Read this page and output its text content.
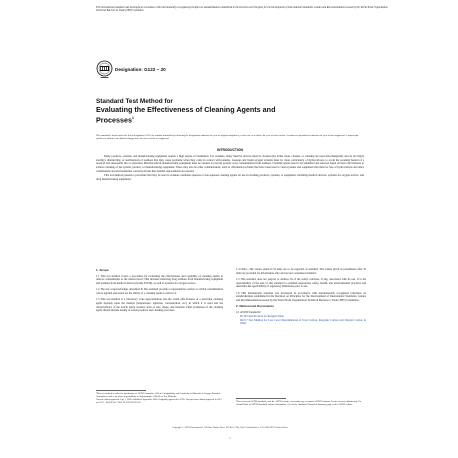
This international standard was developed in accordance with internationally recognized principles on standardization established in the Decision on Principles for the Development of International Standards, Guides and Recommendations issued by the World Trade Organization Technical Barriers to Trade (TBT) Committee.
Designation: G122 − 20
Standard Test Method for
Evaluating the Effectiveness of Cleaning Agents and
Processes$^1$
This standard is issued under the fixed designation G122; the number immediately following the designation indicates the year of original adoption or, in the case of revision, the year of last revision. A number in parentheses indicates the year of last reapproval. A superscript epsilon (ε) indicates an editorial change since the last revision or reapproval.
INTRODUCTION

Many products, systems, and manufacturing equipment require a high degree of cleanliness. For example, many medical devices must be cleaned (the terms clean, cleaned, or cleaning are used interchangeably and do not imply sterility), disinfecting, or sterilization) of residues that may cause problems when they come in contact with patients. Gaseous and liquid oxygen systems must be clean, particularly of hydrocarbons, to avoid the potential hazard of a reaction and subsequent fire or explosion. Pharmaceutical manufacturing equipment must be cleaned to prevent product cross contamination from residues. Cleaning agents need to be identified and selected based on their effectiveness to achieve cleaning of the system, product, or manufacturing equipment. There may also be other considerations, such as chlorinated solvents that have been used to clean systems and equipment that must be free of hydrocarbons and since commissions and environmental concerns dictate that suitable replacements are needed.

This test method presents a procedure that may be used to evaluate candidate aqueous or non-aqueous cleaning agents for use in cleaning products, systems, or equipment, including medical devices, systems for oxygen service, and drug manufacturing equipment.

1. Scope

1.1 This test method covers a procedure for evaluating the effectiveness and capability of cleaning agents to remove contaminants to the desired level. This includes removing drug residues from manufacturing equipment and residues from medical devices (Guide E3106), as well as systems for oxygen service.

1.2 The test coupons/badges described in this standard provide a representative surface to which contamination can be applied and tested for the ability of a cleaning agent to remove it.

1.3 This test method is a laboratory scale approximation and the actual effectiveness of a particular cleaning agent depends upon the method (temperature, agitation, concentration, etc.) in which it is used and the characteristics of the article being cleaned, such as size, shape, and material. Final evaluation of the cleaning agent should include testing of actual products and cleaning processes.

¹This test method is under the jurisdiction of ASTM Committee G04 on Compatibility and Sensitivity of Materials in Oxygen Enriched Atmospheres and is the direct responsibility of Subcommittee G04.02 on Test Methods.
Current edition approved Aug. 1, 2020. Published September 2020. Originally approved in 1993. Last previous edition approved in 2015 as G122 – 96(2015)ε1. DOI: 10.1520/G0122-20.

1.4 Units—The values stated in SI units are to be regarded as standard. The values given in parentheses after SI units are provided for information only and are not considered standard.

1.5 This standard does not purport to address all of the safety concerns, if any, associated with its use. It is the responsibility of the user of this standard to establish appropriate safety, health, and environmental practices and determine the applicability of regulatory limitations prior to use.

1.6 This international standard was developed in accordance with internationally recognized principles on standardization established in the Decision on Principles for the Development of International Standards, Guides and Recommendations issued by the World Trade Organization Technical Barriers to Trade (TBT) Committee.

2. Referenced Documents
2.1 ASTM Standards:²
D1193 Specification for Reagent Water
D4717 Test Method for Low Level Determination of Total Carbon, Inorganic Carbon and Organic Carbon in Water
²For referenced ASTM standards, visit the ASTM website, www.astm.org, or contact ASTM Customer Service at service@astm.org. For Annual Book of ASTM Standards volume information, refer to the standard's Document Summary page on the ASTM website.
Copyright © ASTM International, 100 Barr Harbor Drive, PO Box C700, West Conshohocken, PA 19428-2959. United States
1
